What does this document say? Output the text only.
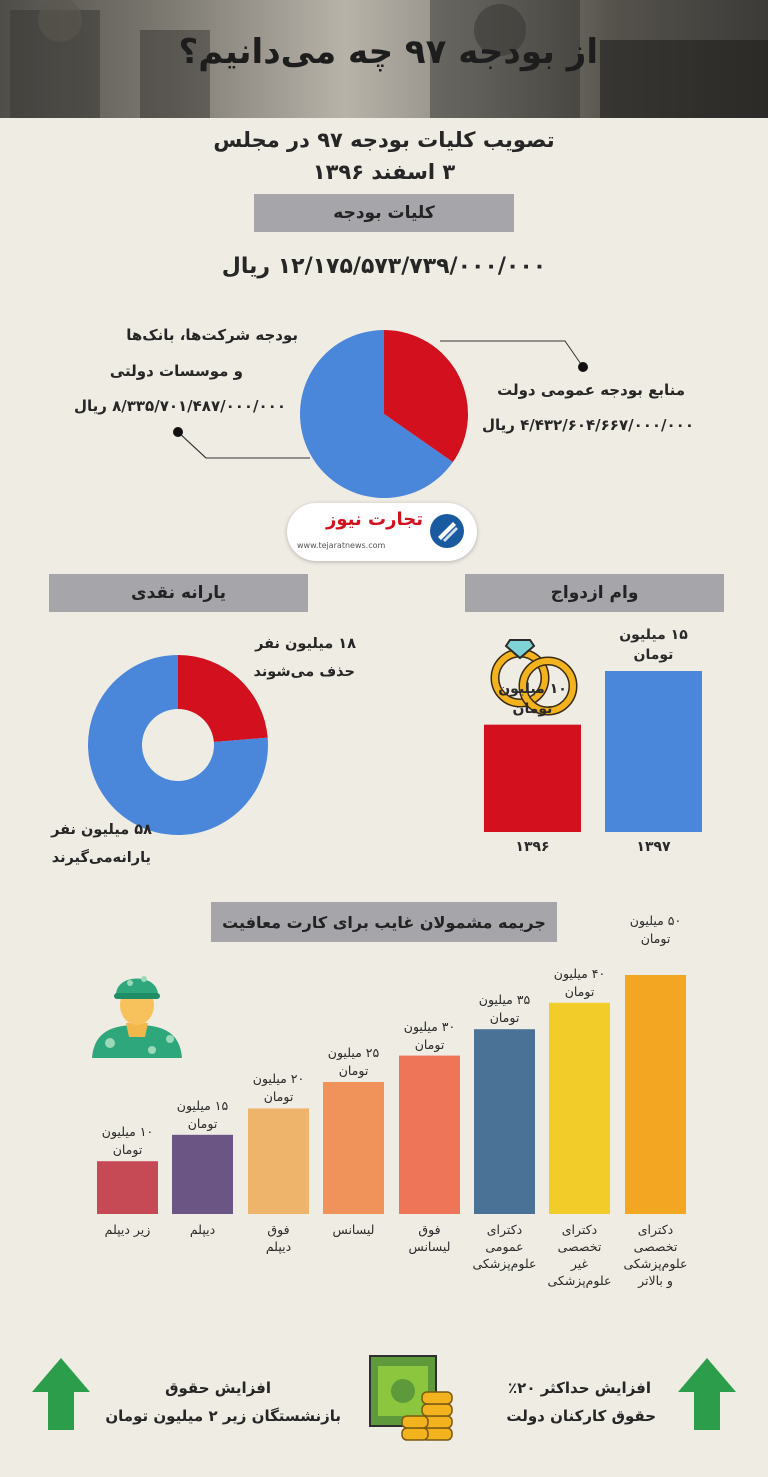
از بودجه ۹۷ چه می‌دانیم؟
تصویب کلیات بودجه ۹۷ در مجلس
۳ اسفند ۱۳۹۶
کلیات بودجه
۱۲/۱۷۵/۵۷۳/۷۳۹/۰۰۰/۰۰۰ ریال
بودجه شرکت‌ها، بانک‌ها
و موسسات دولتی
۸/۳۳۵/۷۰۱/۴۸۷/۰۰۰/۰۰۰ ریال
منابع بودجه عمومی دولت
۴/۴۳۲/۶۰۴/۶۶۷/۰۰۰/۰۰۰ ریال
تجارت نیوز
www.tejaratnews.com
یارانه نقدی
۱۸ میلیون نفر
حذف می‌شوند
۵۸ میلیون نفر
یارانه‌می‌گیرند
وام ازدواج
جریمه مشمولان غایب برای کارت معافیت
افزایش حداکثر ۲۰٪
حقوق کارکنان دولت
افزایش حقوق
بازنشستگان زیر ۲ میلیون تومان
۱۰ میلیون
تومان
۱۳۹۶
۱۵ میلیون
تومان
۱۳۹۷
۱۰ میلیون
تومان
زیر دیپلم
۱۵ میلیون
تومان
دیپلم
۲۰ میلیون
تومان
فوق
دیپلم
۲۵ میلیون
تومان
لیسانس
۳۰ میلیون
تومان
فوق
لیسانس
۳۵ میلیون
تومان
دکترای
عمومی
علوم‌پزشکی
۴۰ میلیون
تومان
دکترای
تخصصی
غیر
علوم‌پزشکی
۵۰ میلیون
تومان
دکترای
تخصصی
علوم‌پزشکی
و بالاتر
